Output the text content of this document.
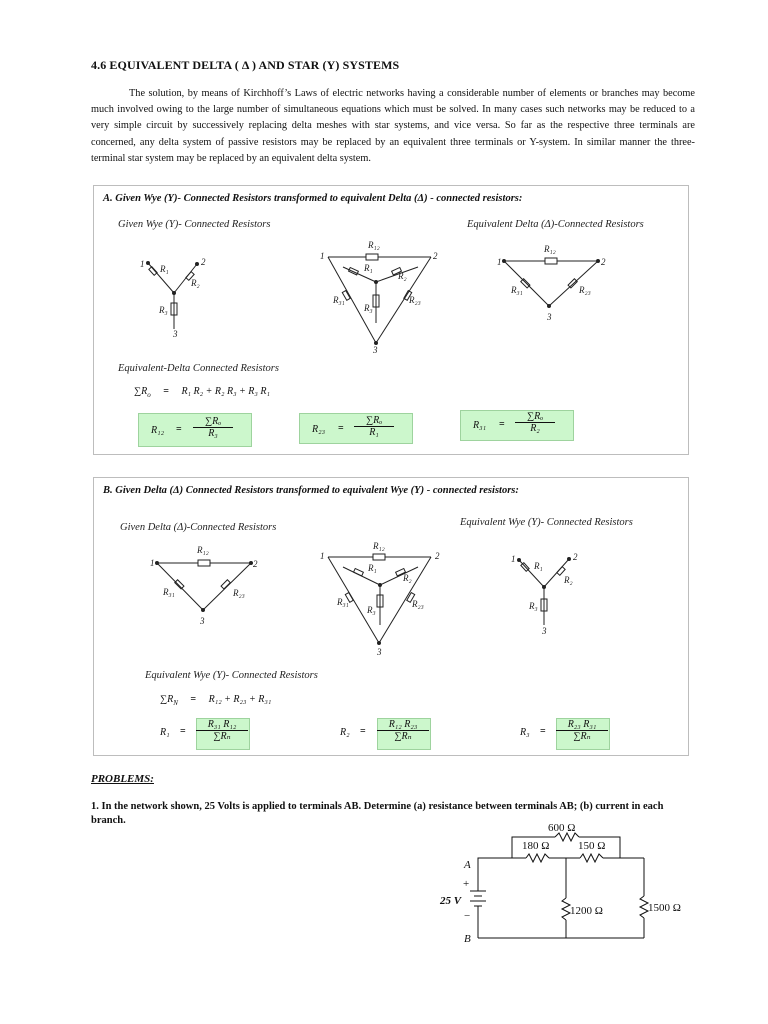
4.6 EQUIVALENT DELTA ( Δ ) AND STAR (Y) SYSTEMS

The solution, by means of Kirchhoff’s Laws of electric networks having a considerable number of elements or branches may become much involved owing to the large number of simultaneous equations which must be solved. In many cases such networks may be reduced to a very simple circuit by successively replacing delta meshes with star systems, and vice versa. So far as the respective three terminals are concerned, any delta system of passive resistors may be replaced by an equivalent three terminals or Y-system. In similar manner the three-terminal star system may be replaced by an equivalent delta system.

A. Given Wye (Y)- Connected Resistors transformed to equivalent Delta (Δ) - connected resistors:
Given Wye (Y)- Connected Resistors	Equivalent Delta (Δ)-Connected Resistors
1	2
3
R₁
R₂
R₃
1	2
3
R₁₂
R₁
R₂
R₃₁
R₃
R₂₃
1	2
3
R₁₂
R₃₁	R₂₃
Equivalent-Delta Connected Resistors
$\sum R_o = R_1$ R₂ + R₂ R₃ + R₃ R₁
$R_{12} = \frac{\text{∑Rₒ}}{\text{R₃}}$	$R_{23} = \frac{\text{∑Rₒ}}{\text{R₁}}$	$R_{31} = \frac{\text{∑Rₒ}}{\text{R₂}}$
B. Given Delta (Δ) Connected Resistors transformed to equivalent Wye (Y) - connected resistors:
Given Delta (Δ)-Connected Resistors	Equivalent Wye (Y)- Connected Resistors
1	2
3
R₁₂
R₃₁	R₂₃
1	2
3
R₁₂
R₁
R₂
R₃₁
R₃
R₂₃
1	2
3
R₁
R₂
R₃
Equivalent Wye (Y)- Connected Resistors
$\sum R_N = R_{12} + R_{23} + R_{31}$
$R_1 = \frac{\text{R₃₁ R₁₂}}{\text{∑Rₙ}}$	$R_2 = \frac{\text{R₁₂ R₂₃}}{\text{∑Rₙ}}$	$R_3 = \frac{\text{R₂₃ R₃₁}}{\text{∑Rₙ}}$
PROBLEMS:
1. In the network shown, 25 Volts is applied to terminals AB. Determine (a) resistance between terminals AB; (b) current in each branch.
600 Ω
180 Ω	150 Ω
1200 Ω	1500 Ω
25 V
A
B
+
−
